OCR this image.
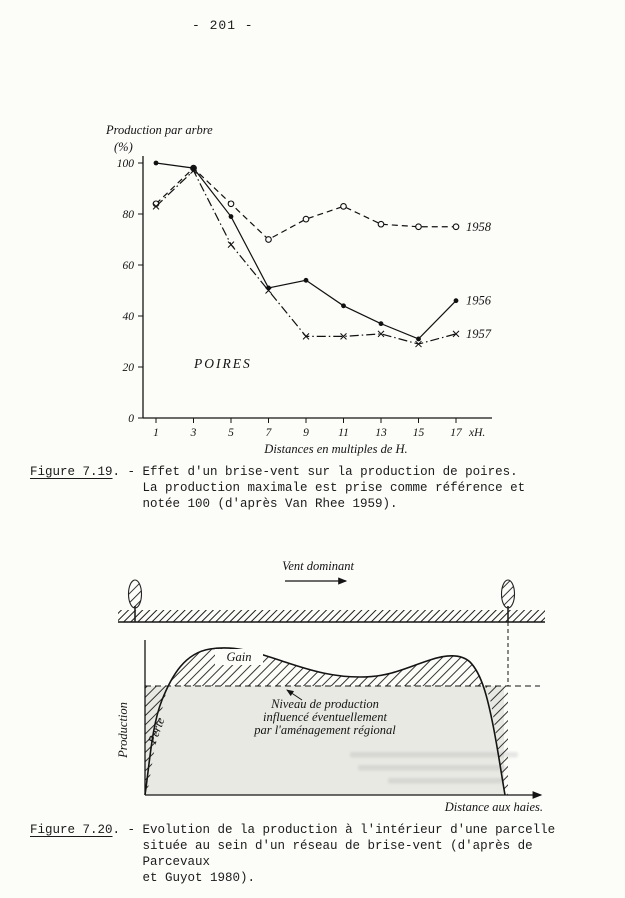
- 201 -
0
20
40
60
80
100
1	3	5	7	9	11 13 15 17 xH.
Distances en multiples de H.
Production par arbre
(%)
POIRES
1958
1956
1957
Figure 7.19. - Effet d'un brise-vent sur la production de poires.
La production maximale est prise comme référence et
notée 100 (d'après Van Rhee 1959).
Vent dominant
Gain
Perte
Niveau de production
influencé éventuellement
par l'aménagement régional
Production
Distance aux haies.
Figure 7.20. - Evolution de la production à l'intérieur d'une parcelle
située au sein d'un réseau de brise-vent (d'après de Parcevaux
et Guyot 1980).
